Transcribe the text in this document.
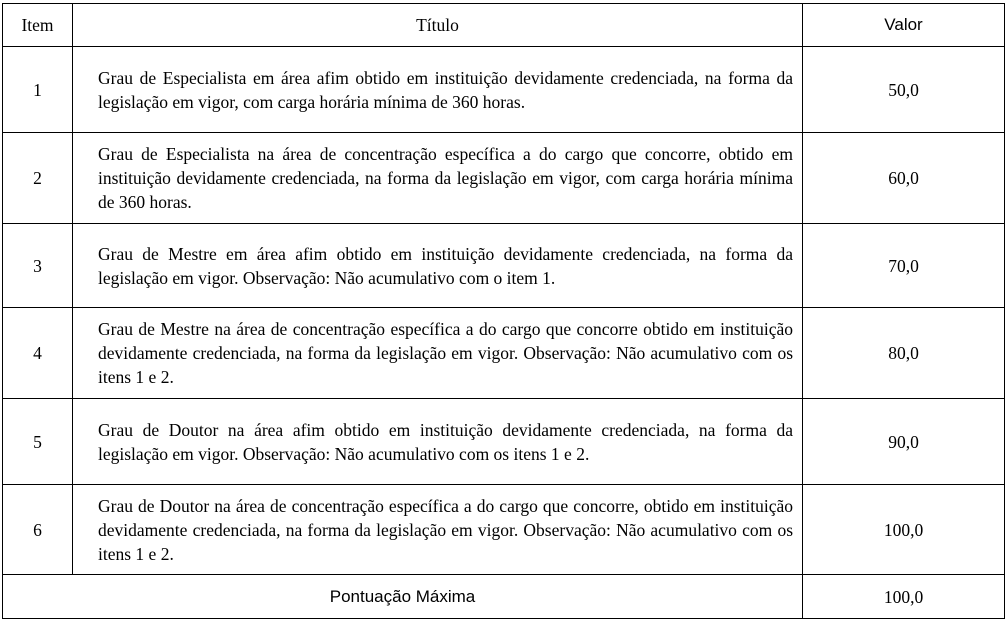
Item	Título	Valor
1	Grau de Especialista em área afim obtido em instituição devidamente credenciada, na forma da legislação em vigor, com carga horária mínima de 360 horas.	50,0
2	Grau de Especialista na área de concentração específica a do cargo que concorre, obtido em instituição devidamente credenciada, na forma da legislação em vigor, com carga horária mínima de 360 horas.	60,0
3	Grau de Mestre em área afim obtido em instituição devidamente credenciada, na forma da legislação em vigor. Observação: Não acumulativo com o item 1.	70,0
4	Grau de Mestre na área de concentração específica a do cargo que concorre obtido em instituição devidamente credenciada, na forma da legislação em vigor. Observação: Não acumulativo com os itens 1 e 2.	80,0
5	Grau de Doutor na área afim obtido em instituição devidamente credenciada, na forma da legislação em vigor. Observação: Não acumulativo com os itens 1 e 2.	90,0
6	Grau de Doutor na área de concentração específica a do cargo que concorre, obtido em instituição devidamente credenciada, na forma da legislação em vigor. Observação: Não acumulativo com os itens 1 e 2.	100,0
Pontuação Máxima		100,0
